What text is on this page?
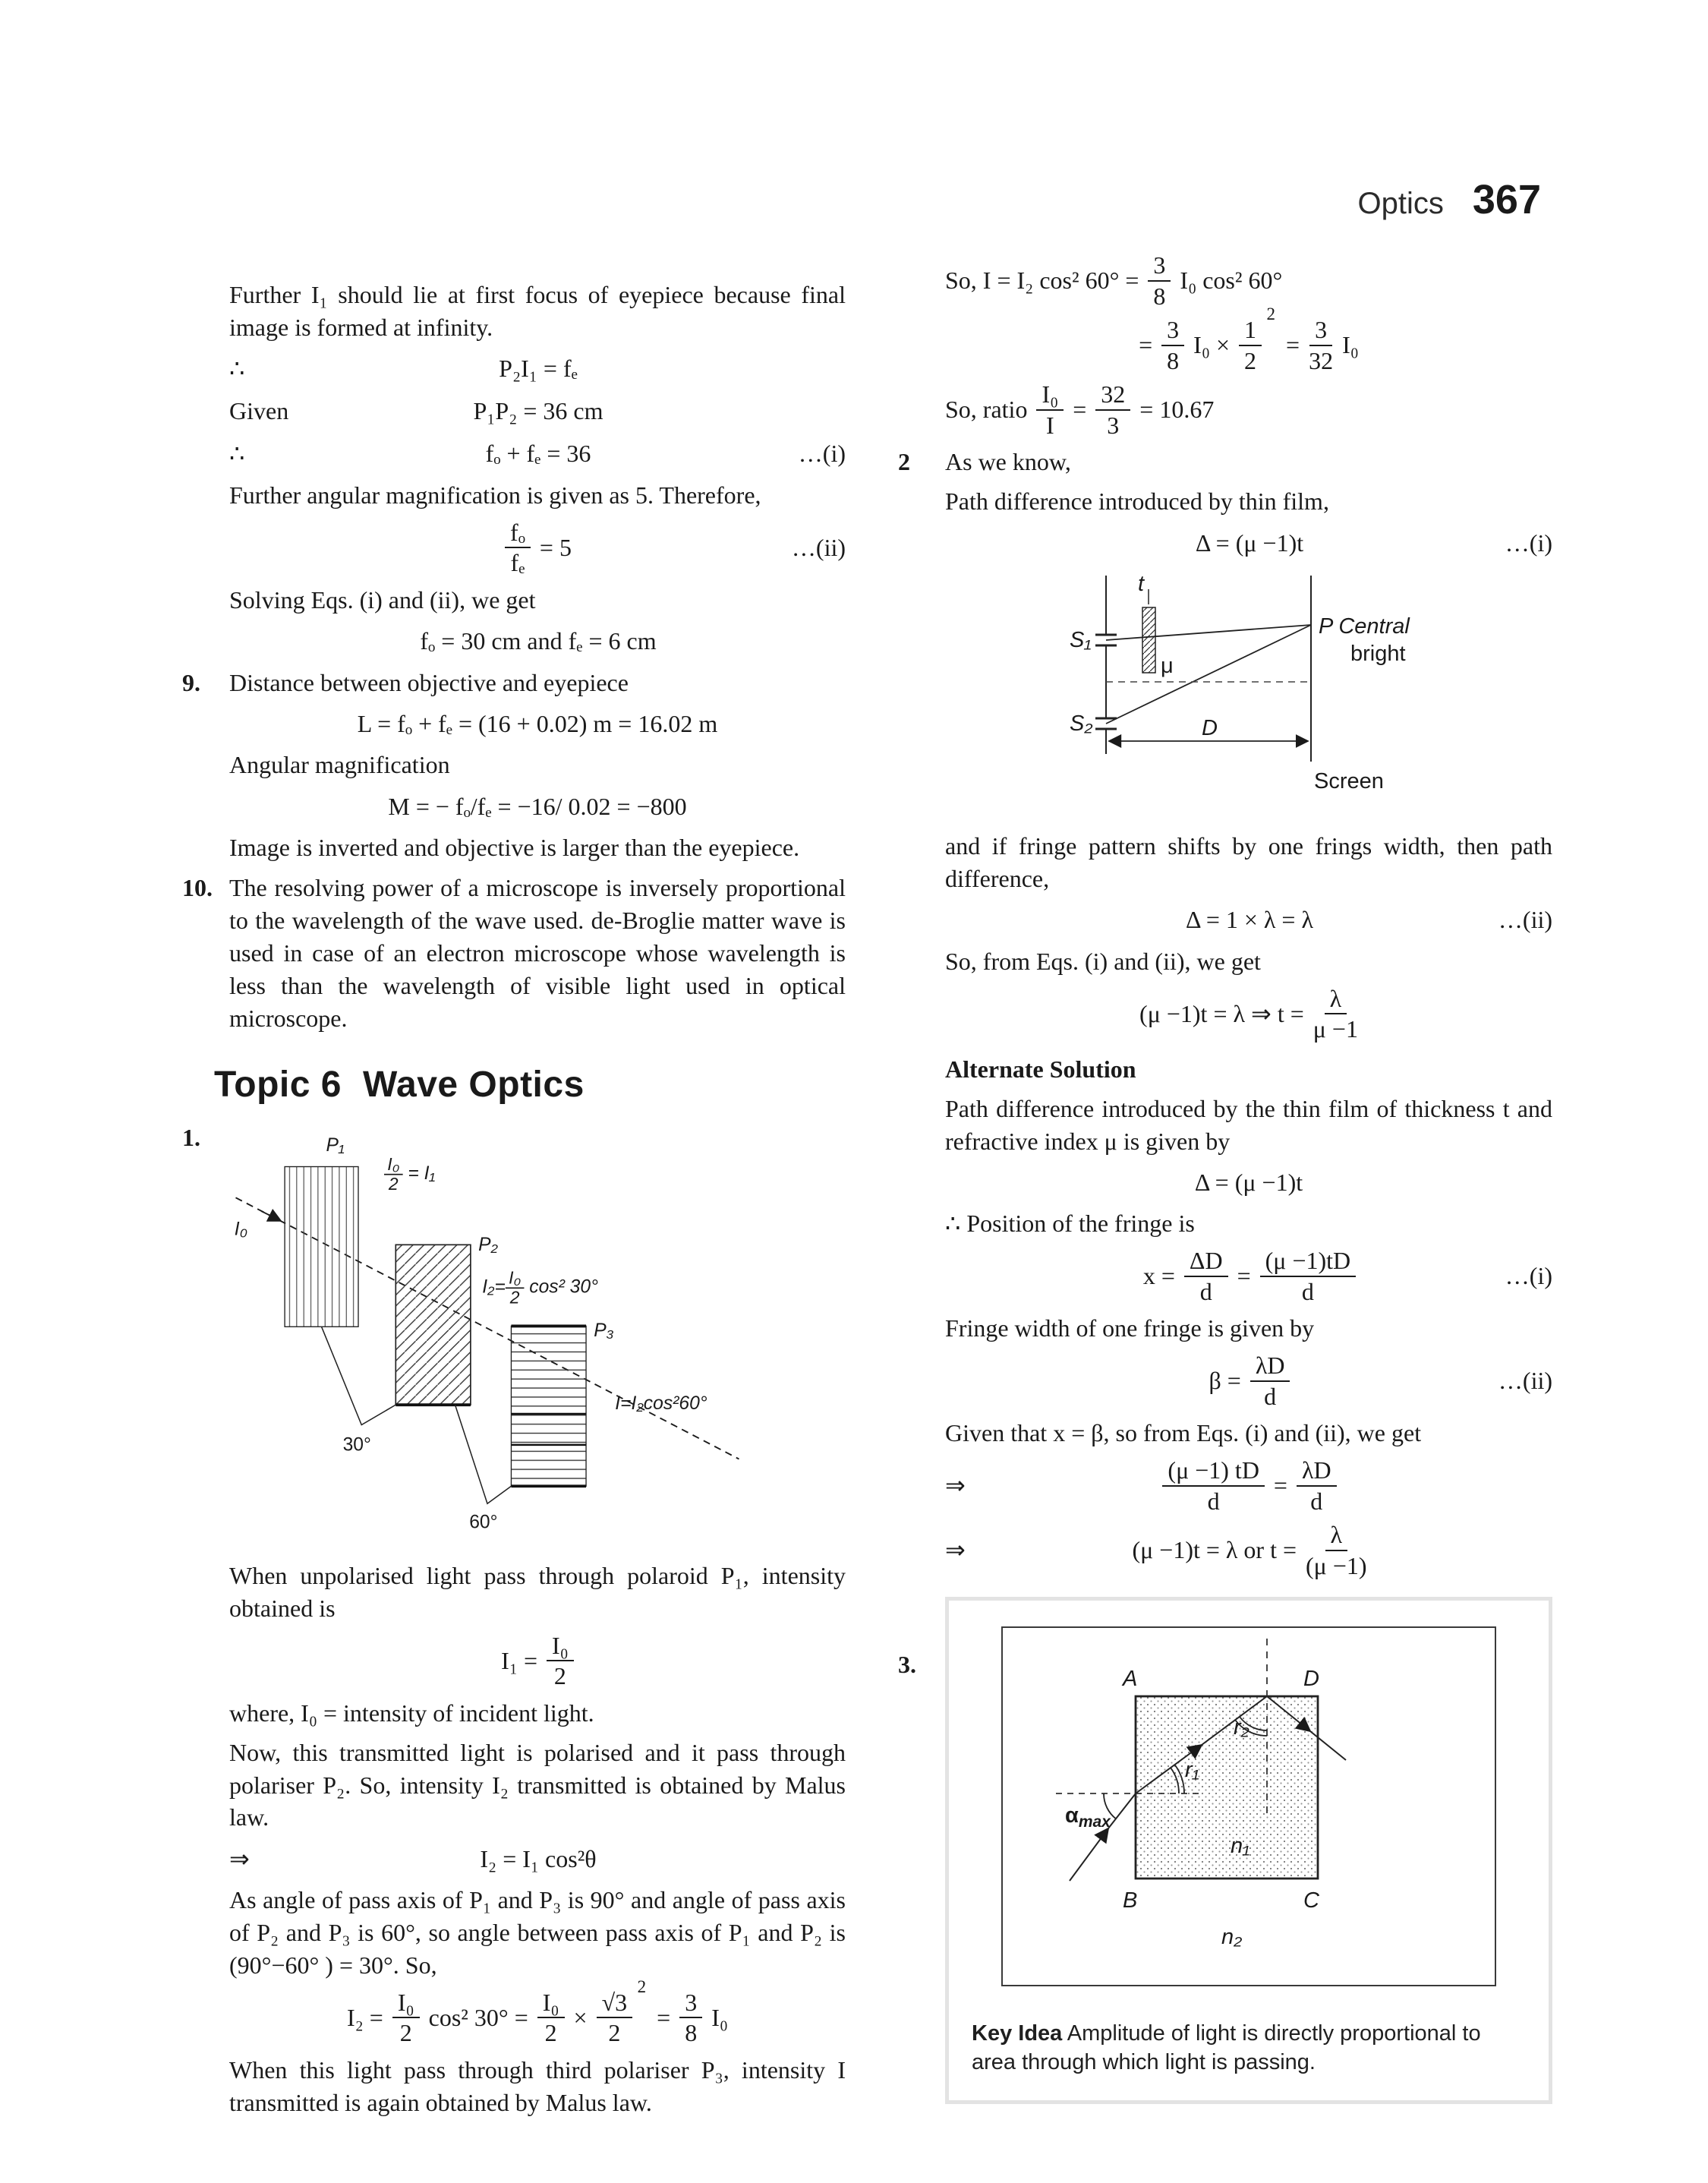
Optics 367

Further I₁ should lie at first focus of eyepiece because final image is formed at infinity.

∴	P₂I₁ = fₑ
Given	P₁P₂ = 36 cm
∴	fₒ + fₑ = 36	…(i)

Further angular magnification is given as 5. Therefore,

$\frac{\text{fₒ}}{\text{fₑ}} = 5$	…(ii)

Solving Eqs. (i) and (ii), we get

fₒ = 30 cm and fₑ = 6 cm
9. Distance between objective and eyepiece

L = fₒ + fₑ = (16 + 0.02) m = 16.02 m

Angular magnification

M = − fₒ/fₑ = −16/ 0.02 = −800

Image is inverted and objective is larger than the eyepiece.

10. The resolving power of a microscope is inversely proportional to the wavelength of the wave used. de-Broglie matter wave is used in case of an electron microscope whose wavelength is less than the wavelength of visible light used in optical microscope.

Topic 6 Wave Optics
1.	P₁
I₀
$\frac{\text{I₀}}{2} = I_1$
P₂
$I_2= \frac{\text{I₀}}{2} \cos^2$ 30°
P₃
I=I₂cos²60°
30°
60°

When unpolarised light pass through polaroid P₁, intensity obtained is

$I_1 = \frac{\text{I₀}}{2}$

where, I₀ = intensity of incident light.

Now, this transmitted light is polarised and it pass through polariser P₂. So, intensity I₂ transmitted is obtained by Malus law.

⇒	I₂ = I₁ cos²θ

As angle of pass axis of P₁ and P₃ is 90° and angle of pass axis of P₂ and P₃ is 60°, so angle between pass axis of P₁ and P₂ is (90°−60° ) = 30°. So,

$I_2 = \frac{\text{I₀}}{2} \cos^2$ $30^\circ = \frac{\text{I₀}}{2} \times \frac{√3}{2}$
2
= $\frac{3}{8} I_0$

When this light pass through third polariser P₃, intensity I transmitted is again obtained by Malus law.

So, I = I₂ cos² $60^\circ = \frac{3}{8} I_0$ cos² 60°
= $\frac{3}{8} I_0 \times \frac{1}{2}$
2
= $\frac{3}{32} I_0$
So, ratio $\frac{\text{I₀}}{I} = \frac{32}{3} = 10.67$
2 As we know,

Path difference introduced by thin film,

Δ = (μ −1)t	…(i)
t
S₁
S₂
μ
P Central
bright
D
Screen

and if fringe pattern shifts by one frings width, then path difference,

Δ = 1 × λ = λ	…(ii)

So, from Eqs. (i) and (ii), we get

(μ −1)t = λ ⇒ $t = \frac{\lambda}{\mu -1}$
Alternate Solution

Path difference introduced by the thin film of thickness t and refractive index μ is given by

Δ = (μ −1)t

∴ Position of the fringe is

$x = \frac{\Delta D}{d} = \frac{(\mu -1)tD}{d}$	…(i)

Fringe width of one fringe is given by

$\beta = \frac{\lambda D}{d}$	…(ii)

Given that x = β, so from Eqs. (i) and (ii), we get

⇒	$\frac{(\mu -1) tD}{d} = \frac{\lambda D}{d}$
⇒	(μ −1)t = λ or $t = \frac{\lambda}{(\mu -1)}$
3.
A	D
B	C
n₁
n₂
$\alpha_{max}$
r₁
r₂
Key Idea Amplitude of light is directly proportional to area through which light is passing.
